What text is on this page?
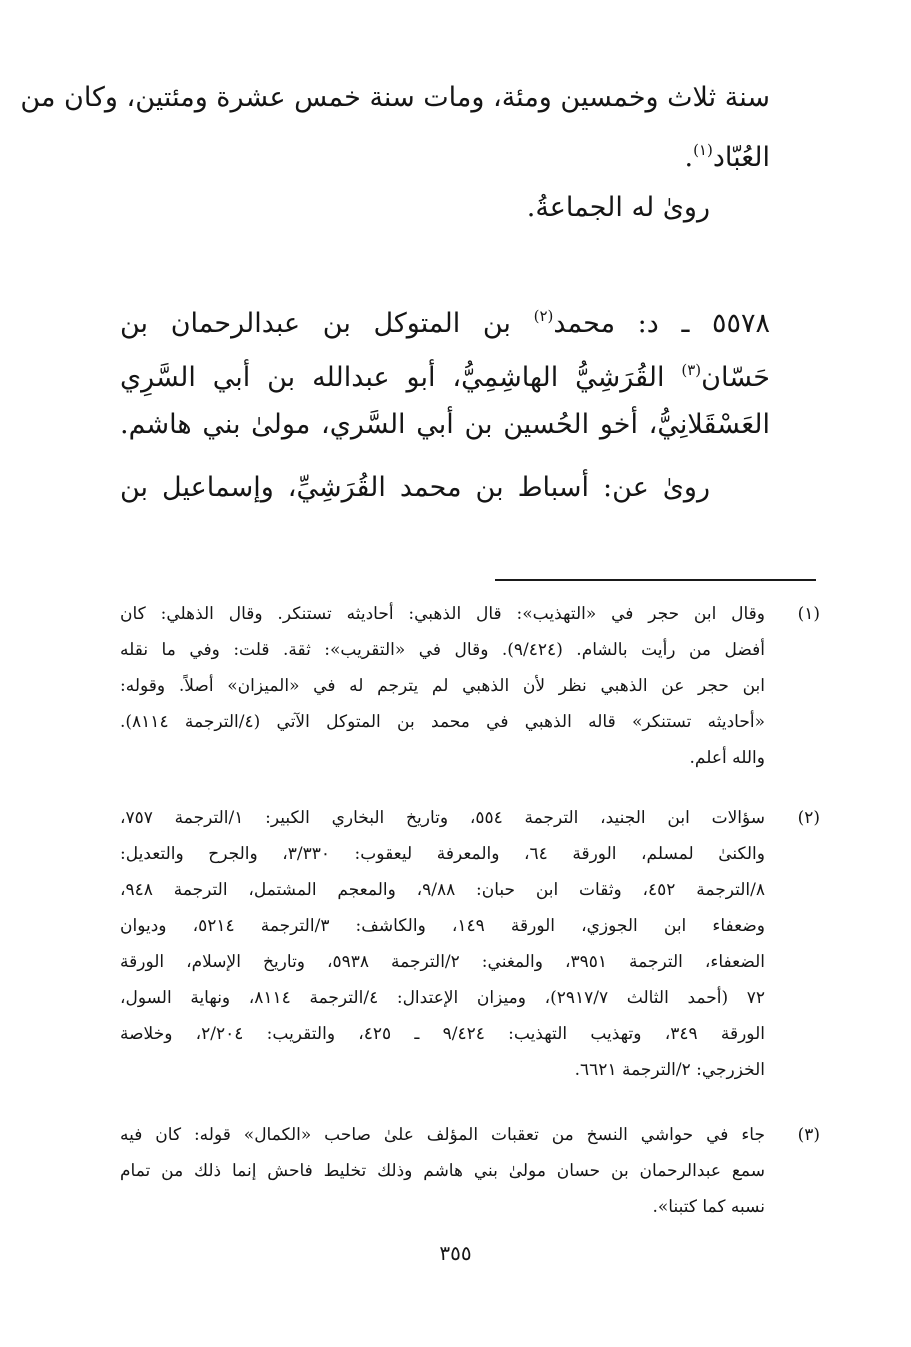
سنة ثلاث وخمسين ومئة، ومات سنة خمس عشرة ومئتين، وكان من
العُبّاد$^{(١)}$.
روىٰ له الجماعةُ.
٥٥٧٨ ـ د: محمد$^{(٢)}$ بن المتوكل بن عبدالرحمان بن
حَسّان$^{(٣)}$ القُرَشِيُّ الهاشِمِيُّ، أبو عبدالله بن أبي السَّرِي
العَسْقَلانِيُّ، أخو الحُسين بن أبي السَّري، مولىٰ بني هاشم.
روىٰ عن: أسباط بن محمد القُرَشِيِّ، وإسماعيل بن
(١)
وقال ابن حجر في «التهذيب»: قال الذهبي: أحاديثه تستنكر. وقال الذهلي: كان
أفضل من رأيت بالشام. (٩/٤٢٤). وقال في «التقريب»: ثقة. قلت: وفي ما نقله
ابن حجر عن الذهبي نظر لأن الذهبي لم يترجم له في «الميزان» أصلاً. وقوله:
«أحاديثه تستنكر» قاله الذهبي في محمد بن المتوكل الآتي (٤/الترجمة ٨١١٤).
والله أعلم.
(٢)
سؤالات ابن الجنيد، الترجمة ٥٥٤، وتاريخ البخاري الكبير: ١/الترجمة ٧٥٧،
والكنىٰ لمسلم، الورقة ٦٤، والمعرفة ليعقوب: ٣/٣٣٠، والجرح والتعديل:
٨/الترجمة ٤٥٢، وثقات ابن حبان: ٩/٨٨، والمعجم المشتمل، الترجمة ٩٤٨،
وضعفاء ابن الجوزي، الورقة ١٤٩، والكاشف: ٣/الترجمة ٥٢١٤، وديوان
الضعفاء، الترجمة ٣٩٥١، والمغني: ٢/الترجمة ٥٩٣٨، وتاريخ الإسلام، الورقة
٧٢ (أحمد الثالث ٢٩١٧/٧)، وميزان الإعتدال: ٤/الترجمة ٨١١٤، ونهاية السول،
الورقة ٣٤٩، وتهذيب التهذيب: ٩/٤٢٤ ـ ٤٢٥، والتقريب: ٢/٢٠٤، وخلاصة
الخزرجي: ٢/الترجمة ٦٦٢١.
(٣)
جاء في حواشي النسخ من تعقبات المؤلف علىٰ صاحب «الكمال» قوله: كان فيه
سمع عبدالرحمان بن حسان مولىٰ بني هاشم وذلك تخليط فاحش إنما ذلك من تمام
نسبه كما كتبنا».
٣٥٥
